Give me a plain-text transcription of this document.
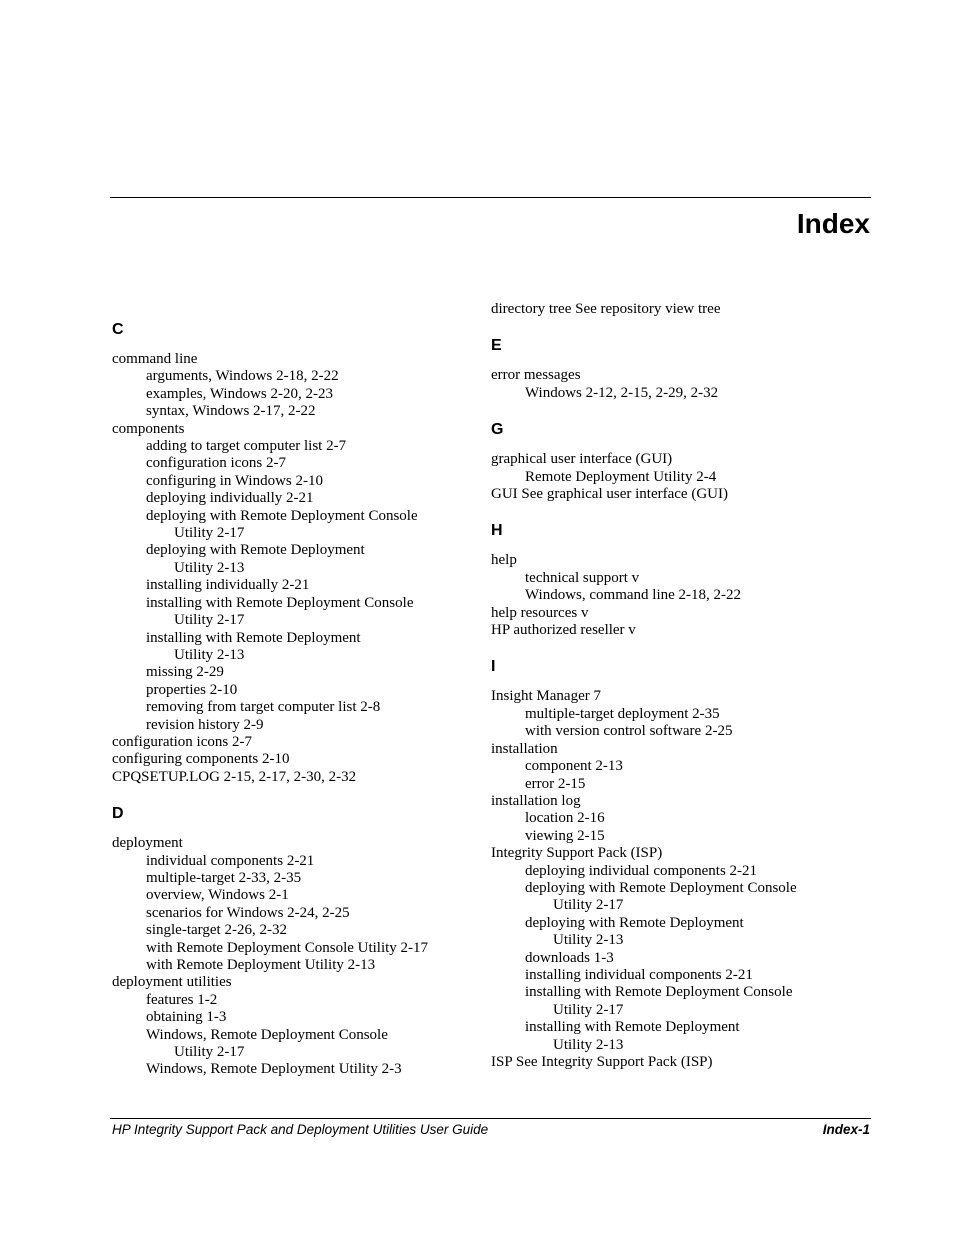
Index
C
command line
arguments, Windows 2-18, 2-22
examples, Windows 2-20, 2-23
syntax, Windows 2-17, 2-22
components
adding to target computer list 2-7
configuration icons 2-7
configuring in Windows 2-10
deploying individually 2-21
deploying with Remote Deployment Console
Utility 2-17
deploying with Remote Deployment
Utility 2-13
installing individually 2-21
installing with Remote Deployment Console
Utility 2-17
installing with Remote Deployment
Utility 2-13
missing 2-29
properties 2-10
removing from target computer list 2-8
revision history 2-9
configuration icons 2-7
configuring components 2-10
CPQSETUP.LOG 2-15, 2-17, 2-30, 2-32
D
deployment
individual components 2-21
multiple-target 2-33, 2-35
overview, Windows 2-1
scenarios for Windows 2-24, 2-25
single-target 2-26, 2-32
with Remote Deployment Console Utility 2-17
with Remote Deployment Utility 2-13
deployment utilities
features 1-2
obtaining 1-3
Windows, Remote Deployment Console
Utility 2-17
Windows, Remote Deployment Utility 2-3
directory tree See repository view tree
E
error messages
Windows 2-12, 2-15, 2-29, 2-32
G
graphical user interface (GUI)
Remote Deployment Utility 2-4
GUI See graphical user interface (GUI)
H
help
technical support v
Windows, command line 2-18, 2-22
help resources v
HP authorized reseller v
I
Insight Manager 7
multiple-target deployment 2-35
with version control software 2-25
installation
component 2-13
error 2-15
installation log
location 2-16
viewing 2-15
Integrity Support Pack (ISP)
deploying individual components 2-21
deploying with Remote Deployment Console
Utility 2-17
deploying with Remote Deployment
Utility 2-13
downloads 1-3
installing individual components 2-21
installing with Remote Deployment Console
Utility 2-17
installing with Remote Deployment
Utility 2-13
ISP See Integrity Support Pack (ISP)
HP Integrity Support Pack and Deployment Utilities User Guide	Index-1
